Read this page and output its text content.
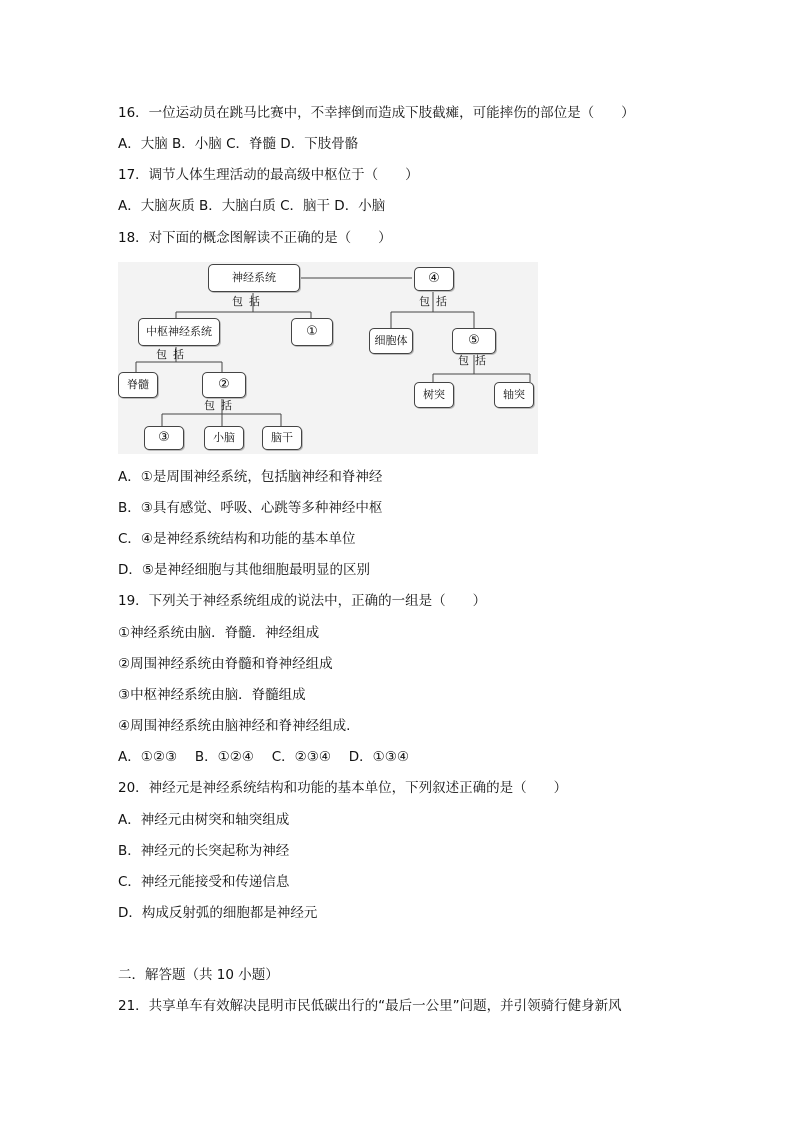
16．一位运动员在跳马比赛中，不幸摔倒而造成下肢截瘫，可能摔伤的部位是（　　）
A．大脑 B．小脑 C．脊髓 D．下肢骨骼
17．调节人体生理活动的最高级中枢位于（　　）
A．大脑灰质 B．大脑白质 C．脑干 D．小脑
18．对下面的概念图解读不正确的是（　　）
神经系统	④
包括	包括
中枢神经系统	①
细胞体	⑤
包括	包括
脊髓	②
树突	轴突
包括
③	小脑	脑干
A．①是周围神经系统，包括脑神经和脊神经
B．③具有感觉、呼吸、心跳等多种神经中枢
C．④是神经系统结构和功能的基本单位
D．⑤是神经细胞与其他细胞最明显的区别
19．下列关于神经系统组成的说法中，正确的一组是（　　）
①神经系统由脑．脊髓．神经组成
②周围神经系统由脊髓和脊神经组成
③中枢神经系统由脑．脊髓组成
④周围神经系统由脑神经和脊神经组成.
A．①②③　 B．①②④　 C．②③④　 D．①③④
20．神经元是神经系统结构和功能的基本单位，下列叙述正确的是（　　）
A．神经元由树突和轴突组成
B．神经元的长突起称为神经
C．神经元能接受和传递信息
D．构成反射弧的细胞都是神经元
二．解答题（共 10 小题）
21．共享单车有效解决昆明市民低碳出行的“最后一公里”问题，并引领骑行健身新风
